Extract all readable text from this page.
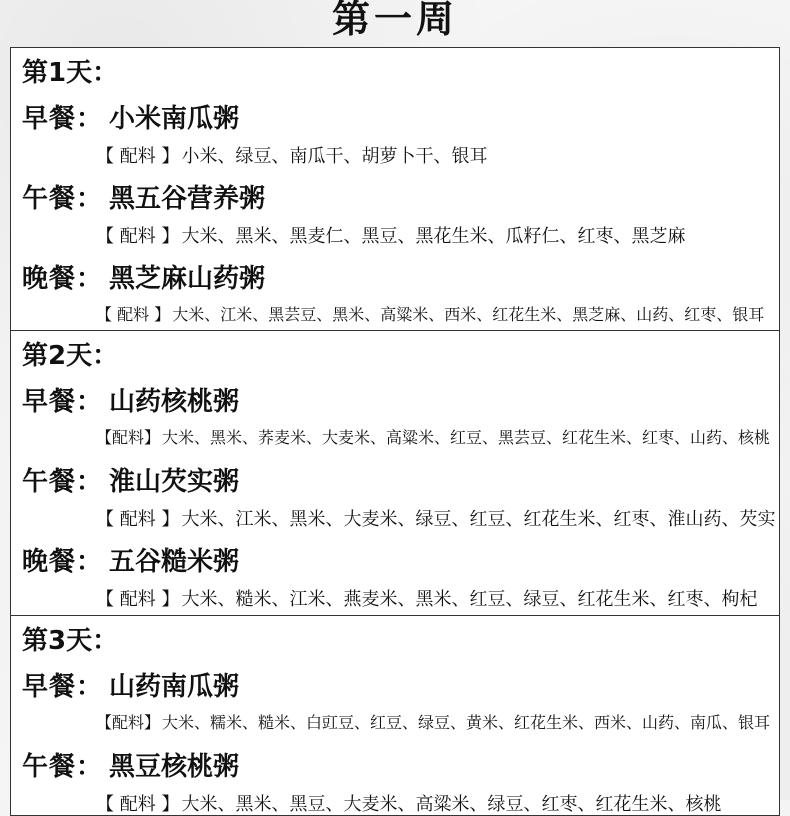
第一周
第1天：
早餐： 小米南瓜粥
【 配料 】 小米、绿豆、南瓜干、胡萝卜干、银耳
午餐： 黑五谷营养粥
【 配料 】 大米、黑米、黑麦仁、黑豆、黑花生米、瓜籽仁、红枣、黑芝麻
晚餐： 黑芝麻山药粥
【 配料 】 大米、江米、黑芸豆、黑米、高粱米、西米、红花生米、黑芝麻、山药、红枣、银耳
第2天：
早餐： 山药核桃粥
【配料】 大米、黑米、荞麦米、大麦米、高粱米、红豆、黑芸豆、红花生米、红枣、山药、核桃
午餐： 淮山芡实粥
【 配料 】 大米、江米、黑米、大麦米、绿豆、红豆、红花生米、红枣、淮山药、芡实
晚餐： 五谷糙米粥
【 配料 】 大米、糙米、江米、燕麦米、黑米、红豆、绿豆、红花生米、红枣、枸杞
第3天：
早餐： 山药南瓜粥
【配料】 大米、糯米、糙米、白豇豆、红豆、绿豆、黄米、红花生米、西米、山药、南瓜、银耳
午餐： 黑豆核桃粥
【 配料 】 大米、黑米、黑豆、大麦米、高粱米、绿豆、红枣、红花生米、核桃
